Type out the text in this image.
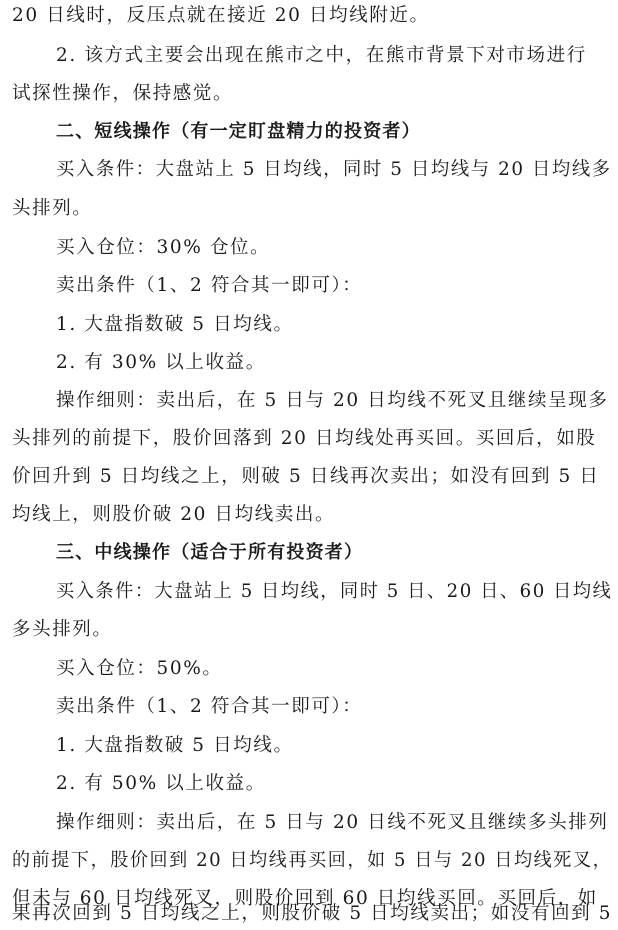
20 日线时，反压点就在接近 20 日均线附近。
2. 该方式主要会出现在熊市之中，在熊市背景下对市场进行
试探性操作，保持感觉。
二、短线操作（有一定盯盘精力的投资者）
买入条件：大盘站上 5 日均线，同时 5 日均线与 20 日均线多
头排列。
买入仓位：30% 仓位。
卖出条件（1、2 符合其一即可）：
1. 大盘指数破 5 日均线。
2. 有 30% 以上收益。
操作细则：卖出后，在 5 日与 20 日均线不死叉且继续呈现多
头排列的前提下，股价回落到 20 日均线处再买回。买回后，如股
价回升到 5 日均线之上，则破 5 日线再次卖出；如没有回到 5 日
均线上，则股价破 20 日均线卖出。
三、中线操作（适合于所有投资者）
买入条件：大盘站上 5 日均线，同时 5 日、20 日、60 日均线
多头排列。
买入仓位：50%。
卖出条件（1、2 符合其一即可）：
1. 大盘指数破 5 日均线。
2. 有 50% 以上收益。
操作细则：卖出后，在 5 日与 20 日线不死叉且继续多头排列
的前提下，股价回到 20 日均线再买回，如 5 日与 20 日均线死叉，
但未与 60 日均线死叉，则股价回到 60 日均线买回。买回后，如
果再次回到 5 日均线之上，则股价破 5 日均线卖出；如没有回到 5
